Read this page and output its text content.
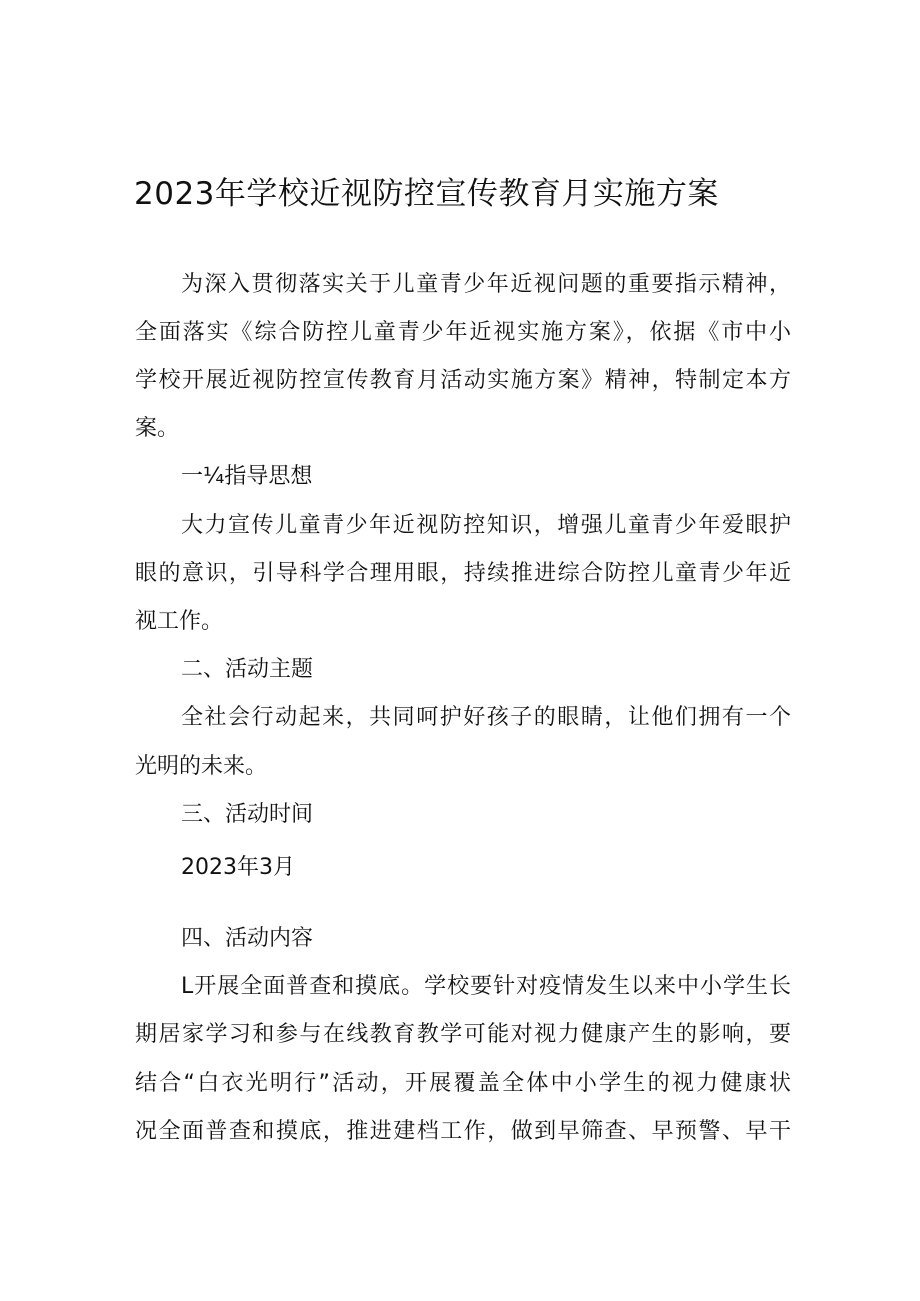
2023年学校近视防控宣传教育月实施方案
为深入贯彻落实关于儿童青少年近视问题的重要指示精神，
全面落实《综合防控儿童青少年近视实施方案》，依据《市中小
学校开展近视防控宣传教育月活动实施方案》精神，特制定本方
案。
一¼指导思想
大力宣传儿童青少年近视防控知识，增强儿童青少年爱眼护
眼的意识，引导科学合理用眼，持续推进综合防控儿童青少年近
视工作。
二、活动主题
全社会行动起来，共同呵护好孩子的眼睛，让他们拥有一个
光明的未来。
三、活动时间
2023年3月
四、活动内容
L开展全面普查和摸底。学校要针对疫情发生以来中小学生长
期居家学习和参与在线教育教学可能对视力健康产生的影响，要
结合“白衣光明行”活动，开展覆盖全体中小学生的视力健康状
况全面普查和摸底，推进建档工作，做到早筛查、早预警、早干
